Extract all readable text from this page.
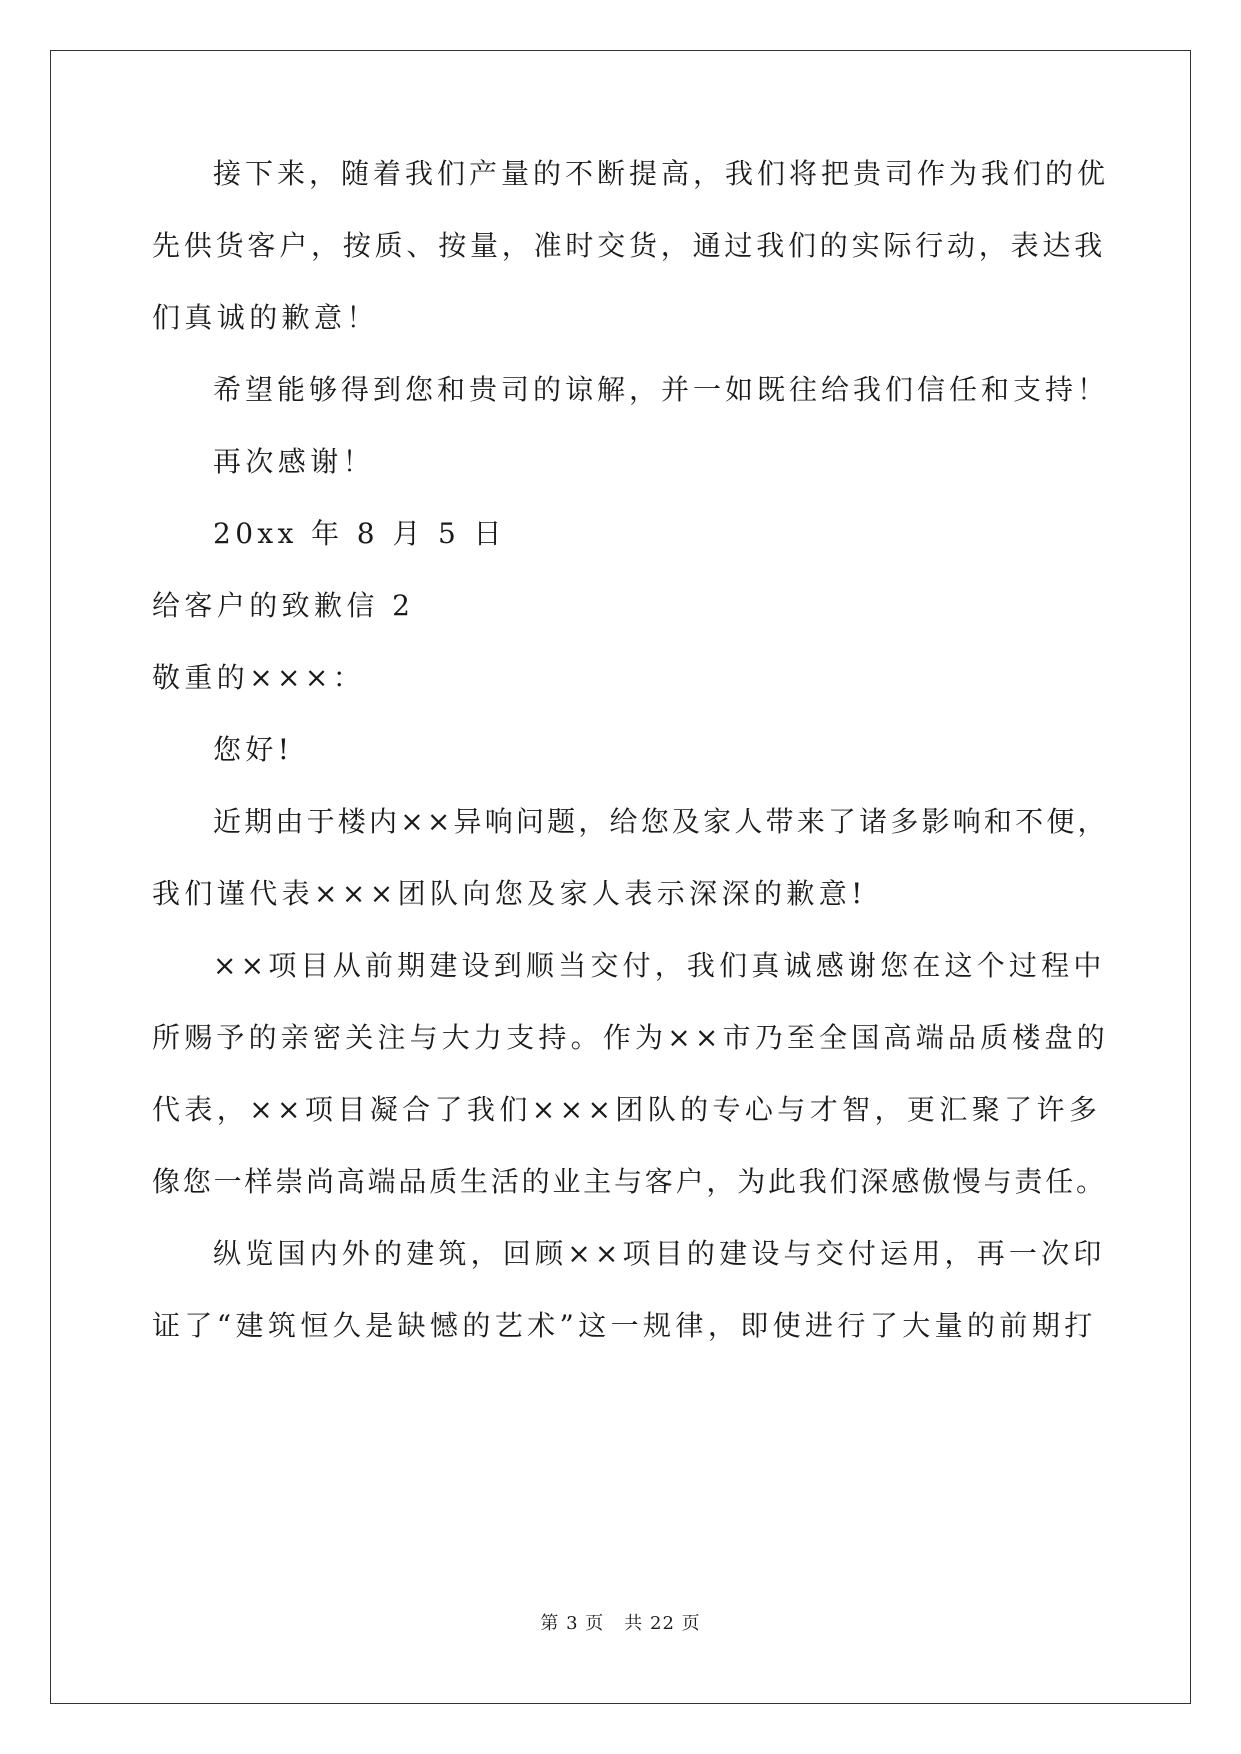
接下来，随着我们产量的不断提高，我们将把贵司作为我们的优
先供货客户，按质、按量，准时交货，通过我们的实际行动，表达我
们真诚的歉意！
希望能够得到您和贵司的谅解，并一如既往给我们信任和支持！
再次感谢！
20xx 年 8 月 5 日
给客户的致歉信 2
敬重的×××：
您好!
近期由于楼内××异响问题，给您及家人带来了诸多影响和不便，
我们谨代表×××团队向您及家人表示深深的歉意!
××项目从前期建设到顺当交付，我们真诚感谢您在这个过程中
所赐予的亲密关注与大力支持。作为××市乃至全国高端品质楼盘的
代表，××项目凝合了我们×××团队的专心与才智，更汇聚了许多
像您一样崇尚高端品质生活的业主与客户，为此我们深感傲慢与责任。
纵览国内外的建筑，回顾××项目的建设与交付运用，再一次印
证了“建筑恒久是缺憾的艺术”这一规律，即使进行了大量的前期打
第 3 页 共 22 页
